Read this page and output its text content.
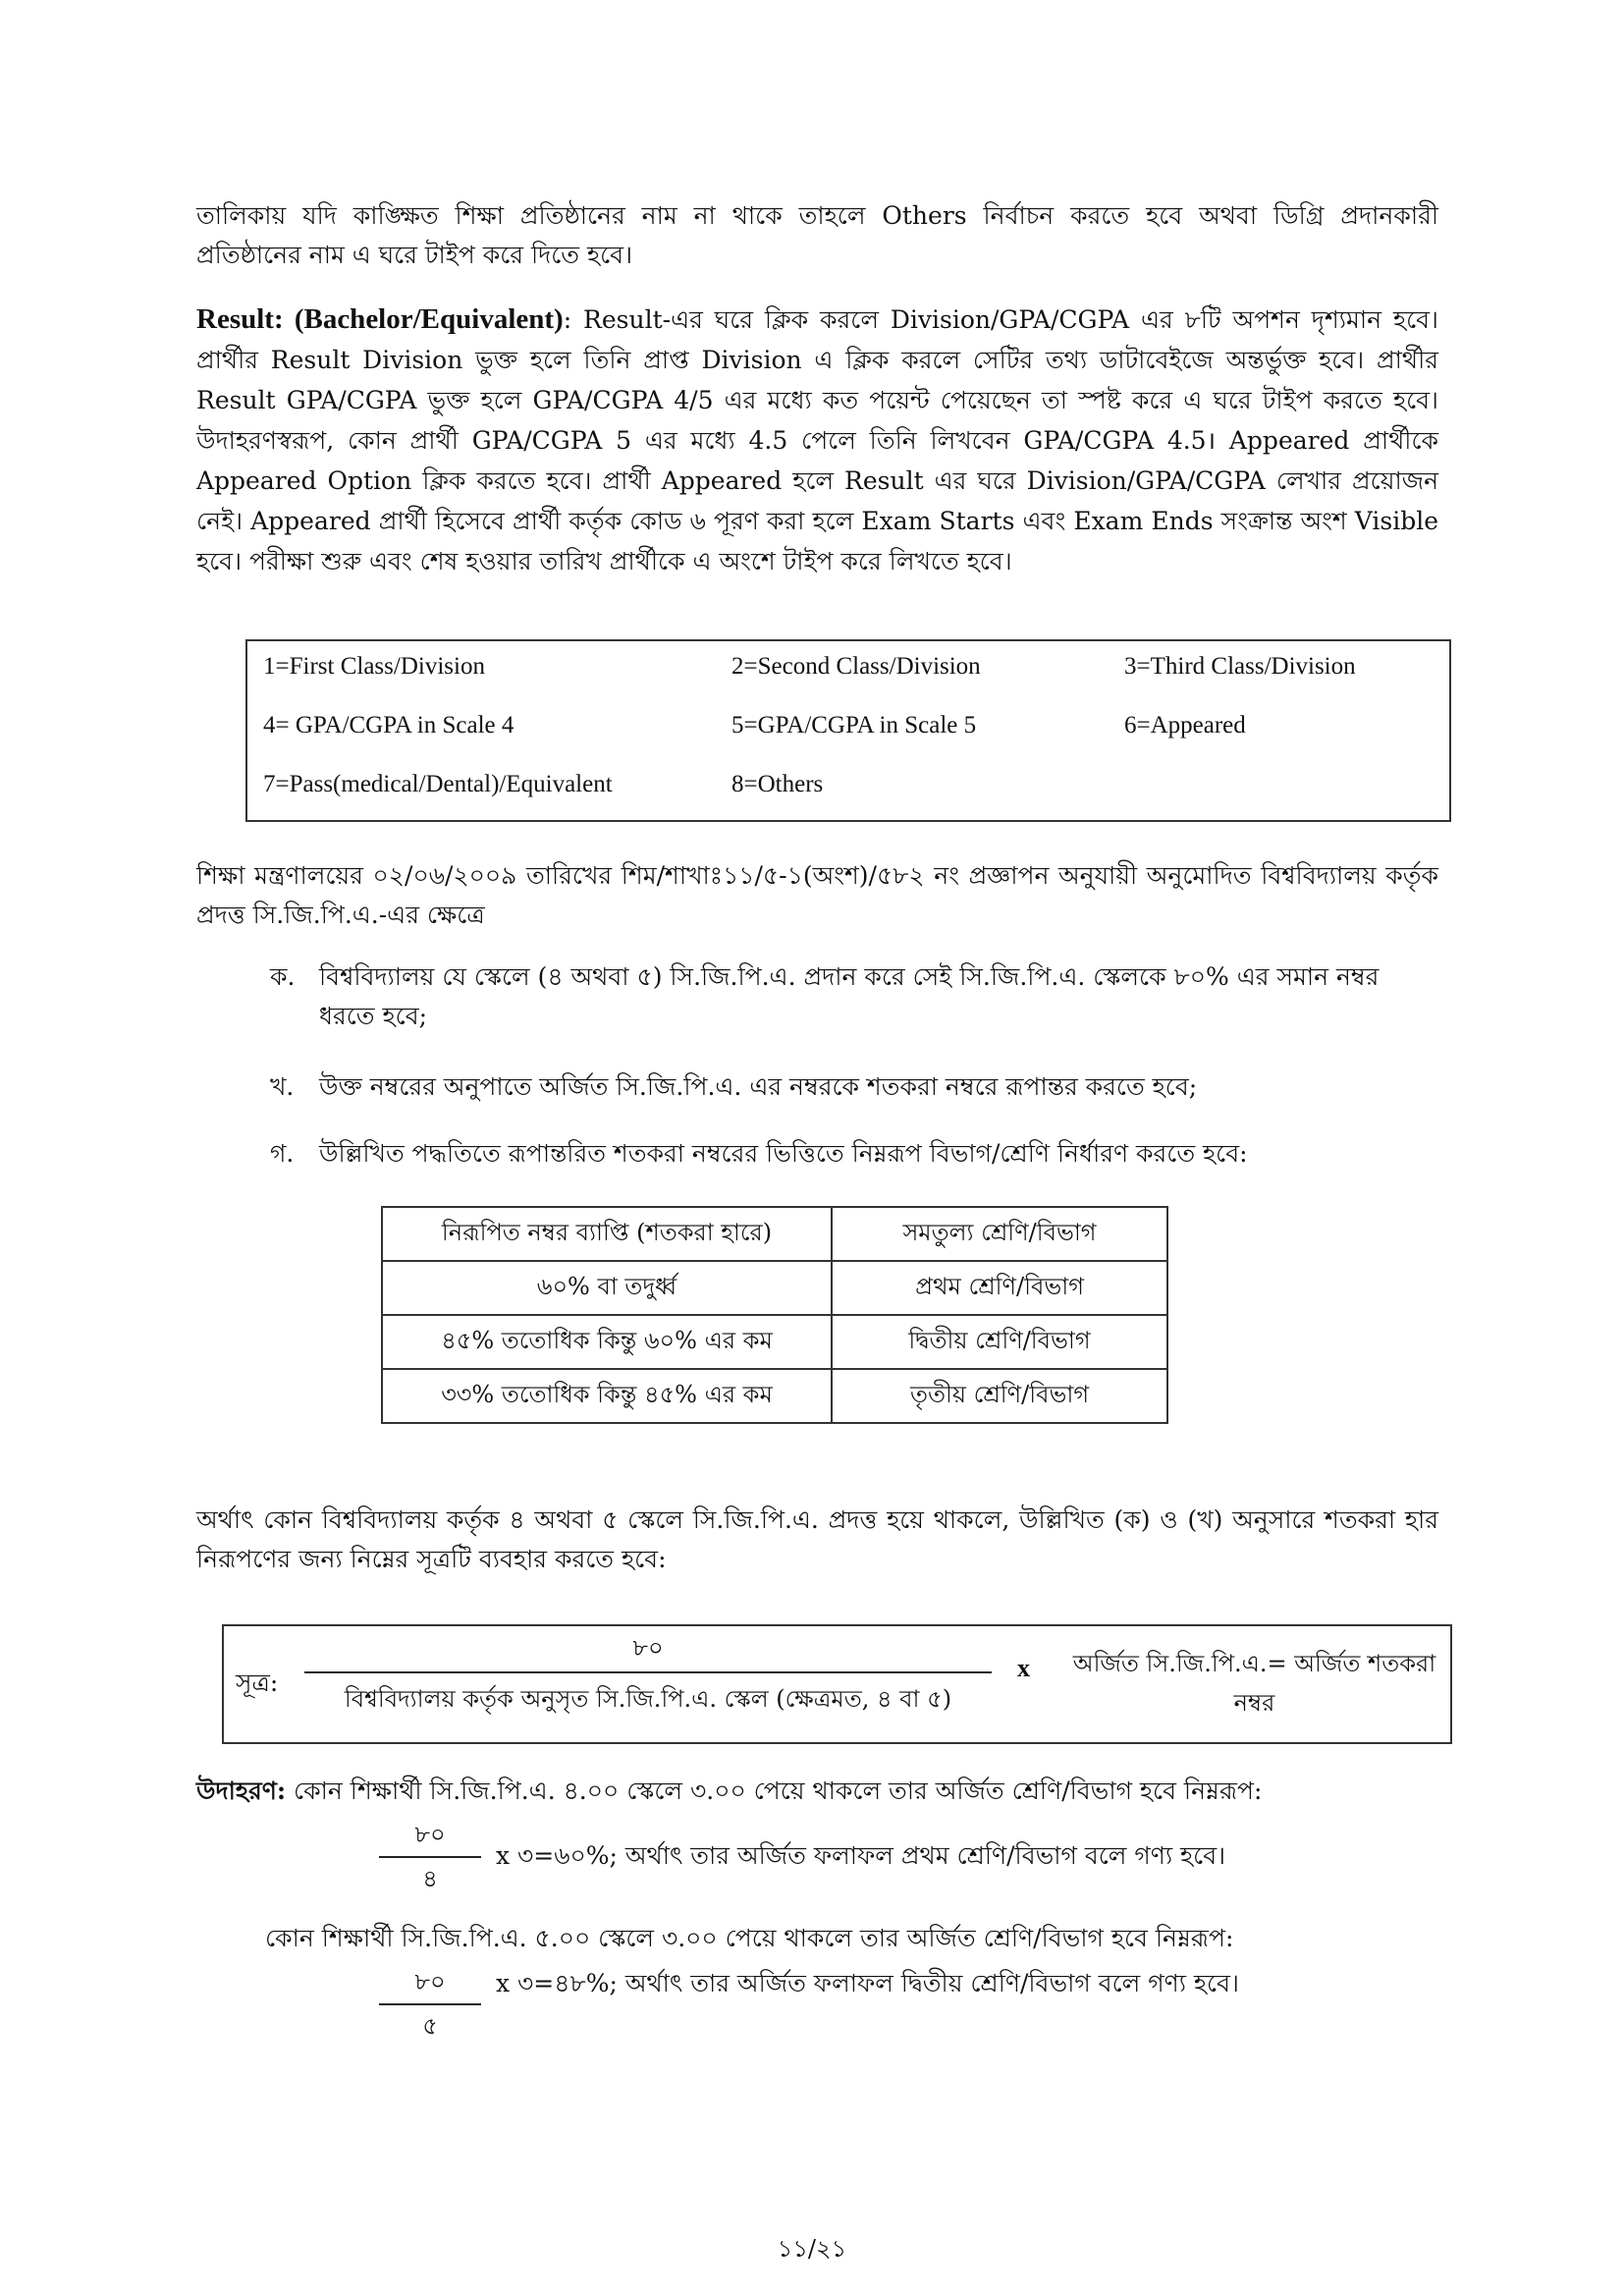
তালিকায় যদি কাঙ্ক্ষিত শিক্ষা প্রতিষ্ঠানের নাম না থাকে তাহলে Others নির্বাচন করতে হবে অথবা ডিগ্রি প্রদানকারী
প্রতিষ্ঠানের নাম এ ঘরে টাইপ করে দিতে হবে।
Result: (Bachelor/Equivalent): Result-এর ঘরে ক্লিক করলে Division/GPA/CGPA এর ৮টি অপশন দৃশ্যমান হবে। প্রার্থীর Result Division ভুক্ত হলে তিনি প্রাপ্ত Division এ ক্লিক করলে সেটির তথ্য ডাটাবেইজে অন্তর্ভুক্ত হবে। প্রার্থীর Result GPA/CGPA ভুক্ত হলে GPA/CGPA 4/5 এর মধ্যে কত পয়েন্ট পেয়েছেন তা স্পষ্ট করে এ ঘরে টাইপ করতে হবে। উদাহরণস্বরূপ, কোন প্রার্থী GPA/CGPA 5 এর মধ্যে 4.5 পেলে তিনি লিখবেন GPA/CGPA 4.5। Appeared প্রার্থীকে Appeared Option ক্লিক করতে হবে। প্রার্থী Appeared হলে Result এর ঘরে Division/GPA/CGPA লেখার প্রয়োজন নেই। Appeared প্রার্থী হিসেবে প্রার্থী কর্তৃক কোড ৬ পূরণ করা হলে Exam Starts এবং Exam Ends সংক্রান্ত অংশ Visible হবে। পরীক্ষা শুরু এবং শেষ হওয়ার তারিখ প্রার্থীকে এ অংশে টাইপ করে লিখতে হবে।
1=First Class/Division	2=Second Class/Division	3=Third Class/Division
4= GPA/CGPA in Scale 4	5=GPA/CGPA in Scale 5	6=Appeared
7=Pass(medical/Dental)/Equivalent	8=Others
শিক্ষা মন্ত্রণালয়ের ০২/০৬/২০০৯ তারিখের শিম/শাখাঃ১১/৫-১(অংশ)/৫৮২ নং প্রজ্ঞাপন অনুযায়ী অনুমোদিত বিশ্ববিদ্যালয় কর্তৃক প্রদত্ত সি.জি.পি.এ.-এর ক্ষেত্রে
ক. বিশ্ববিদ্যালয় যে স্কেলে (৪ অথবা ৫) সি.জি.পি.এ. প্রদান করে সেই সি.জি.পি.এ. স্কেলকে ৮০% এর সমান নম্বর ধরতে হবে;
খ. উক্ত নম্বরের অনুপাতে অর্জিত সি.জি.পি.এ. এর নম্বরকে শতকরা নম্বরে রূপান্তর করতে হবে;
গ. উল্লিখিত পদ্ধতিতে রূপান্তরিত শতকরা নম্বরের ভিত্তিতে নিম্নরূপ বিভাগ/শ্রেণি নির্ধারণ করতে হবে:
নিরূপিত নম্বর ব্যাপ্তি (শতকরা হারে)	সমতুল্য শ্রেণি/বিভাগ
৬০% বা তদুর্ধ্ব	প্রথম শ্রেণি/বিভাগ
৪৫% ততোধিক কিন্তু ৬০% এর কম	দ্বিতীয় শ্রেণি/বিভাগ
৩৩% ততোধিক কিন্তু ৪৫% এর কম	তৃতীয় শ্রেণি/বিভাগ
অর্থাৎ কোন বিশ্ববিদ্যালয় কর্তৃক ৪ অথবা ৫ স্কেলে সি.জি.পি.এ. প্রদত্ত হয়ে থাকলে, উল্লিখিত (ক) ও (খ) অনুসারে শতকরা হার নিরূপণের জন্য নিম্নের সূত্রটি ব্যবহার করতে হবে:
সূত্র:
৮০
বিশ্ববিদ্যালয় কর্তৃক অনুসৃত সি.জি.পি.এ. স্কেল (ক্ষেত্রমত, ৪ বা ৫)
x	অর্জিত সি.জি.পি.এ.= অর্জিত শতকরা
নম্বর
উদাহরণ: কোন শিক্ষার্থী সি.জি.পি.এ. ৪.০০ স্কেলে ৩.০০ পেয়ে থাকলে তার অর্জিত শ্রেণি/বিভাগ হবে নিম্নরূপ:
৮০
৪
x ৩=৬০%; অর্থাৎ তার অর্জিত ফলাফল প্রথম শ্রেণি/বিভাগ বলে গণ্য হবে।
কোন শিক্ষার্থী সি.জি.পি.এ. ৫.০০ স্কেলে ৩.০০ পেয়ে থাকলে তার অর্জিত শ্রেণি/বিভাগ হবে নিম্নরূপ:
৮০
৫
x ৩=৪৮%; অর্থাৎ তার অর্জিত ফলাফল দ্বিতীয় শ্রেণি/বিভাগ বলে গণ্য হবে।
১১/২১
